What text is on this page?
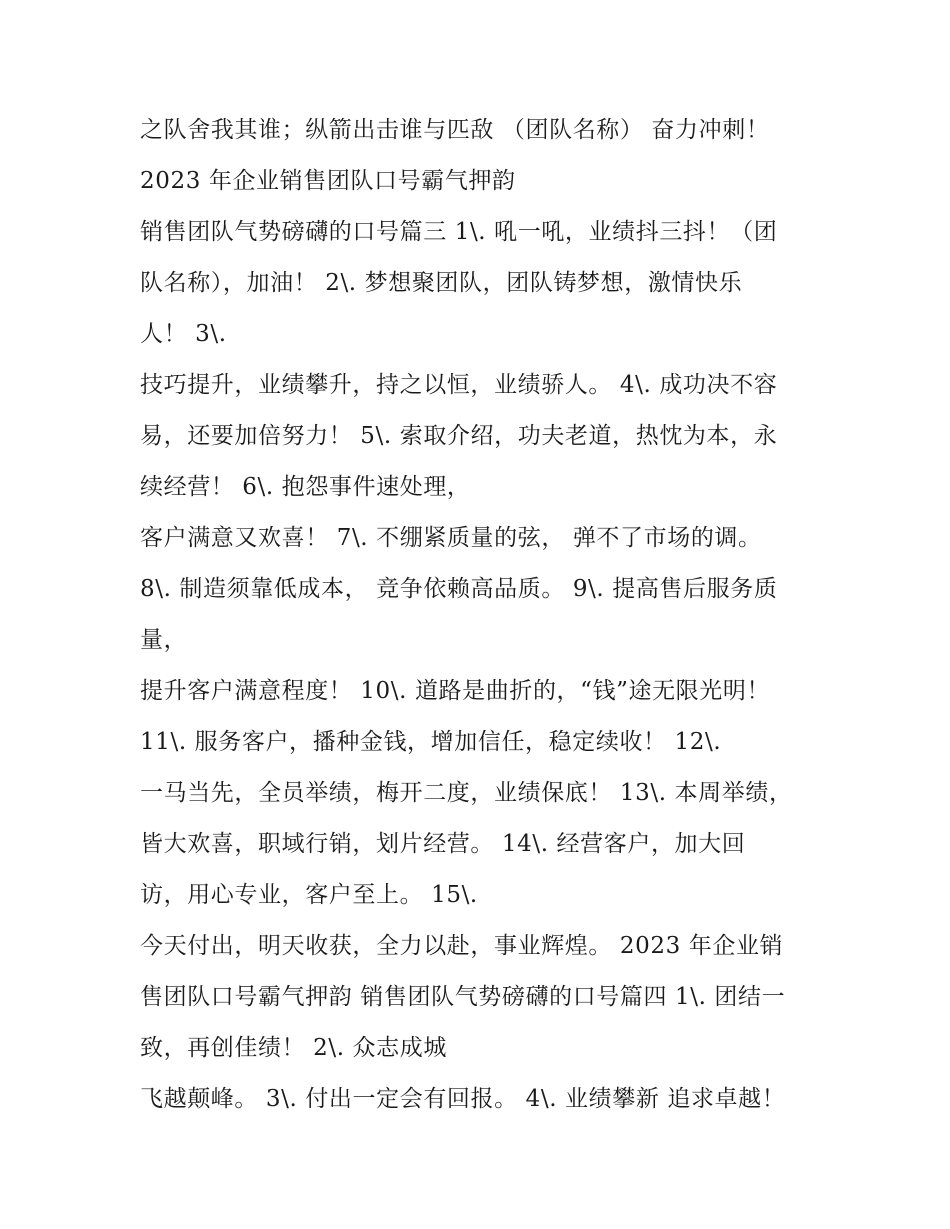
之队舍我其谁；纵箭出击谁与匹敌 （团队名称） 奋力冲刺！
2023 年企业销售团队口号霸气押韵
销售团队气势磅礴的口号篇三 1\. 吼一吼，业绩抖三抖！（团
队名称），加油！ 2\. 梦想聚团队，团队铸梦想，激情快乐
人！ 3\.
技巧提升，业绩攀升，持之以恒，业绩骄人。 4\. 成功决不容
易，还要加倍努力！ 5\. 索取介绍，功夫老道，热忱为本，永
续经营！ 6\. 抱怨事件速处理，
客户满意又欢喜！ 7\. 不绷紧质量的弦， 弹不了市场的调。
8\. 制造须靠低成本， 竞争依赖高品质。 9\. 提高售后服务质
量，
提升客户满意程度！ 10\. 道路是曲折的，“钱”途无限光明！
11\. 服务客户，播种金钱，增加信任，稳定续收！ 12\.
一马当先，全员举绩，梅开二度，业绩保底！ 13\. 本周举绩，
皆大欢喜，职域行销，划片经营。 14\. 经营客户，加大回
访，用心专业，客户至上。 15\.
今天付出，明天收获，全力以赴，事业辉煌。 2023 年企业销
售团队口号霸气押韵 销售团队气势磅礴的口号篇四 1\. 团结一
致，再创佳绩！ 2\. 众志成城
飞越颠峰。 3\. 付出一定会有回报。 4\. 业绩攀新 追求卓越！
